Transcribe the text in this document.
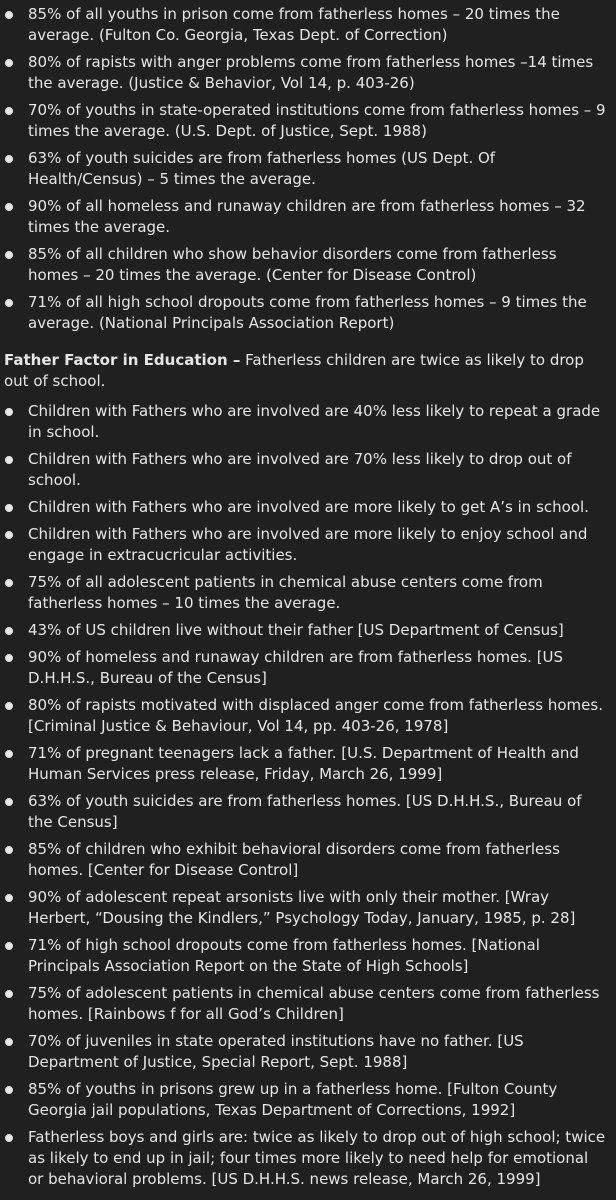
85% of all youths in prison come from fatherless homes – 20 times the average. (Fulton Co. Georgia, Texas Dept. of Correction)
80% of rapists with anger problems come from fatherless homes –14 times the average. (Justice & Behavior, Vol 14, p. 403-26)
70% of youths in state-operated institutions come from fatherless homes – 9 times the average. (U.S. Dept. of Justice, Sept. 1988)
63% of youth suicides are from fatherless homes (US Dept. Of Health/Census) – 5 times the average.
90% of all homeless and runaway children are from fatherless homes – 32 times the average.
85% of all children who show behavior disorders come from fatherless homes – 20 times the average. (Center for Disease Control)
71% of all high school dropouts come from fatherless homes – 9 times the average. (National Principals Association Report)

Father Factor in Education – Fatherless children are twice as likely to drop out of school.

Children with Fathers who are involved are 40% less likely to repeat a grade in school.
Children with Fathers who are involved are 70% less likely to drop out of school.
Children with Fathers who are involved are more likely to get A’s in school.
Children with Fathers who are involved are more likely to enjoy school and engage in extracucricular activities.
75% of all adolescent patients in chemical abuse centers come from fatherless homes – 10 times the average.
43% of US children live without their father [US Department of Census]
90% of homeless and runaway children are from fatherless homes. [US D.H.H.S., Bureau of the Census]
80% of rapists motivated with displaced anger come from fatherless homes. [Criminal Justice & Behaviour, Vol 14, pp. 403-26, 1978]
71% of pregnant teenagers lack a father. [U.S. Department of Health and Human Services press release, Friday, March 26, 1999]
63% of youth suicides are from fatherless homes. [US D.H.H.S., Bureau of the Census]
85% of children who exhibit behavioral disorders come from fatherless homes. [Center for Disease Control]
90% of adolescent repeat arsonists live with only their mother. [Wray Herbert, “Dousing the Kindlers,” Psychology Today, January, 1985, p. 28]
71% of high school dropouts come from fatherless homes. [National Principals Association Report on the State of High Schools]
75% of adolescent patients in chemical abuse centers come from fatherless homes. [Rainbows f for all God’s Children]
70% of juveniles in state operated institutions have no father. [US Department of Justice, Special Report, Sept. 1988]
85% of youths in prisons grew up in a fatherless home. [Fulton County Georgia jail populations, Texas Department of Corrections, 1992]
Fatherless boys and girls are: twice as likely to drop out of high school; twice as likely to end up in jail; four times more likely to need help for emotional or behavioral problems. [US D.H.H.S. news release, March 26, 1999]
